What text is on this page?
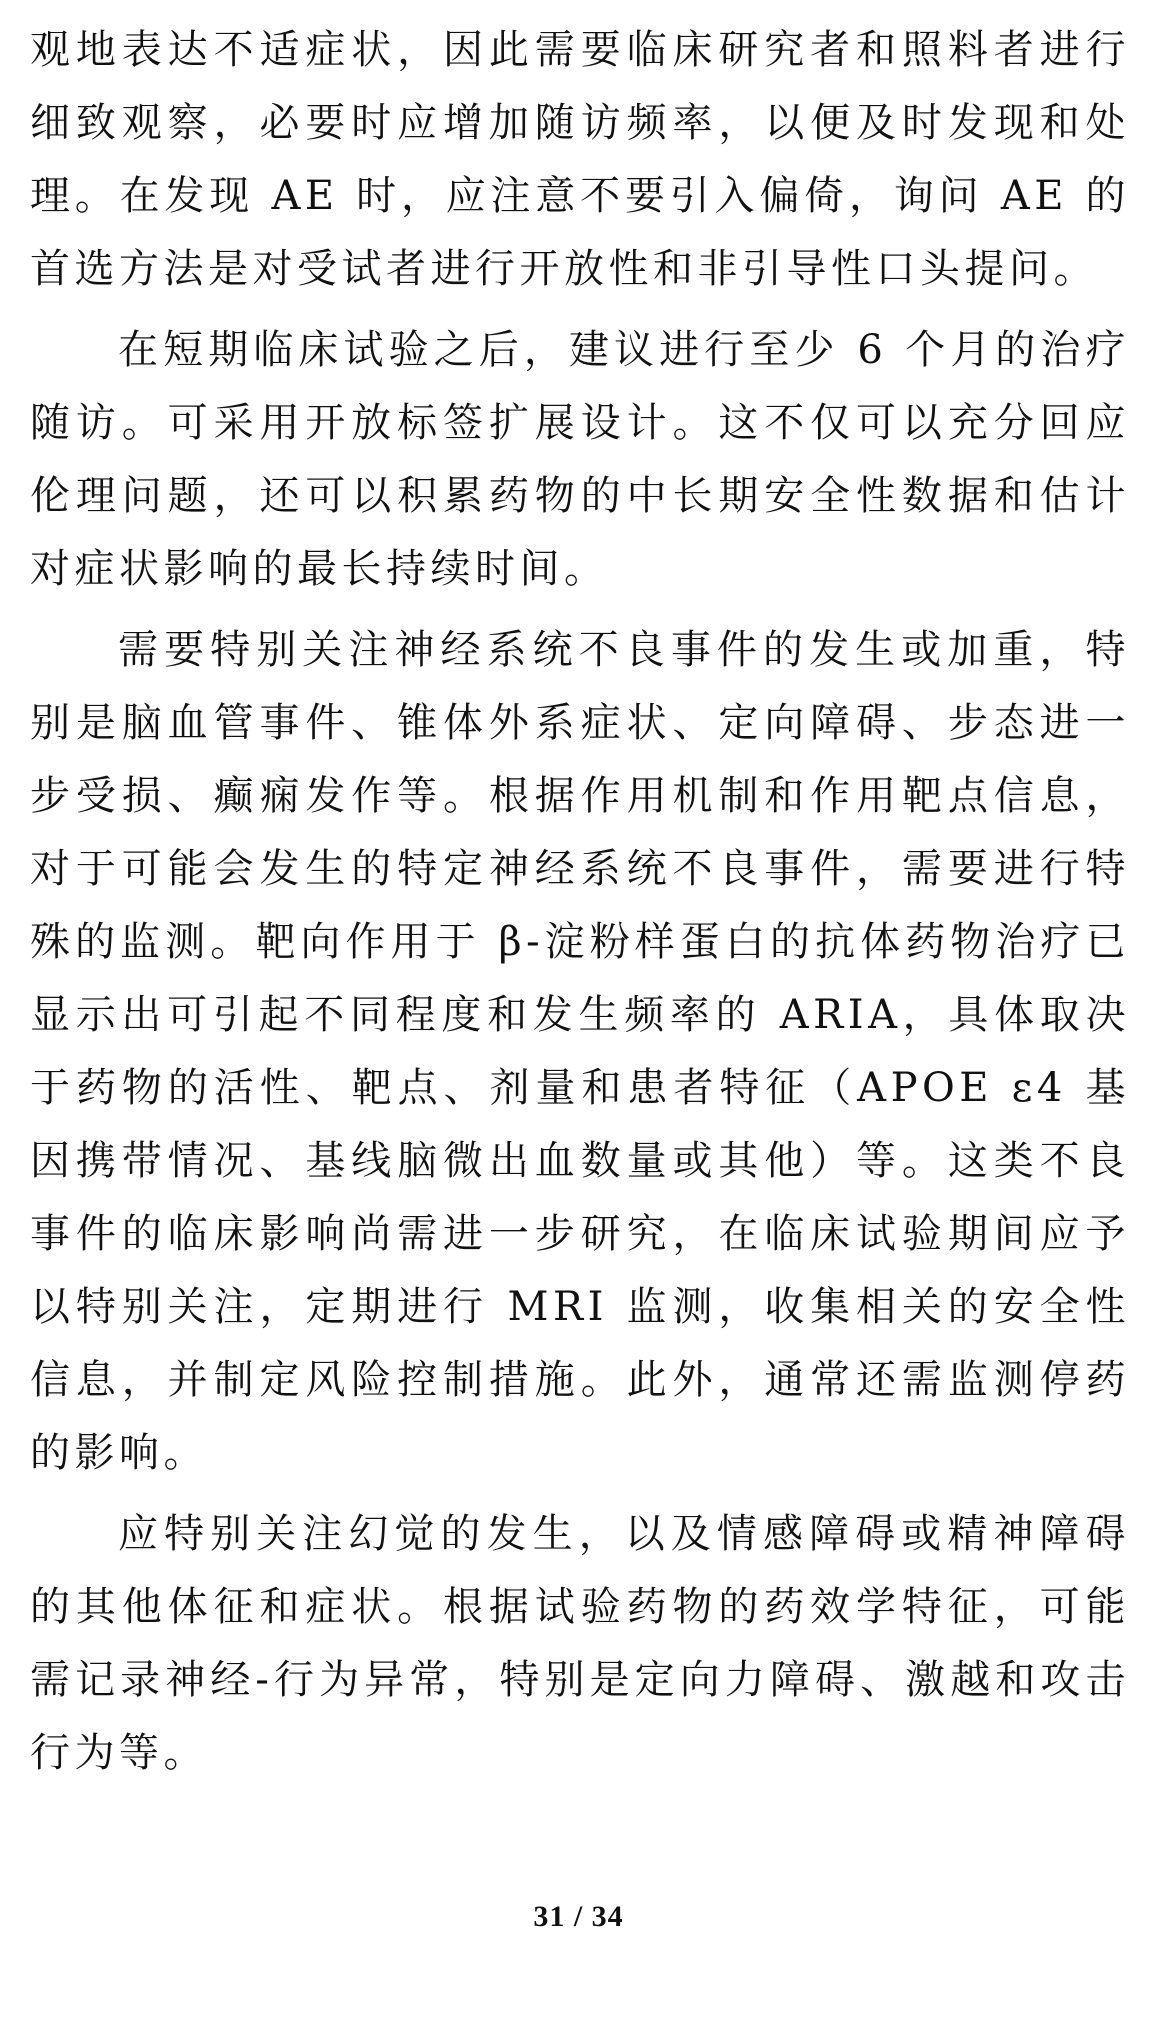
观地表达不适症状，因此需要临床研究者和照料者进行细致观察，必要时应增加随访频率，以便及时发现和处理。在发现 AE 时，应注意不要引入偏倚，询问 AE 的首选方法是对受试者进行开放性和非引导性口头提问。

在短期临床试验之后，建议进行至少 6 个月的治疗随访。可采用开放标签扩展设计。这不仅可以充分回应伦理问题，还可以积累药物的中长期安全性数据和估计对症状影响的最长持续时间。

需要特别关注神经系统不良事件的发生或加重，特别是脑血管事件、锥体外系症状、定向障碍、步态进一步受损、癫痫发作等。根据作用机制和作用靶点信息，对于可能会发生的特定神经系统不良事件，需要进行特殊的监测。靶向作用于 β-淀粉样蛋白的抗体药物治疗已显示出可引起不同程度和发生频率的 ARIA，具体取决于药物的活性、靶点、剂量和患者特征（APOE ε4 基因携带情况、基线脑微出血数量或其他）等。这类不良事件的临床影响尚需进一步研究，在临床试验期间应予以特别关注，定期进行 MRI 监测，收集相关的安全性信息，并制定风险控制措施。此外，通常还需监测停药的影响。

应特别关注幻觉的发生，以及情感障碍或精神障碍的其他体征和症状。根据试验药物的药效学特征，可能需记录神经-行为异常，特别是定向力障碍、激越和攻击行为等。

31 / 34
